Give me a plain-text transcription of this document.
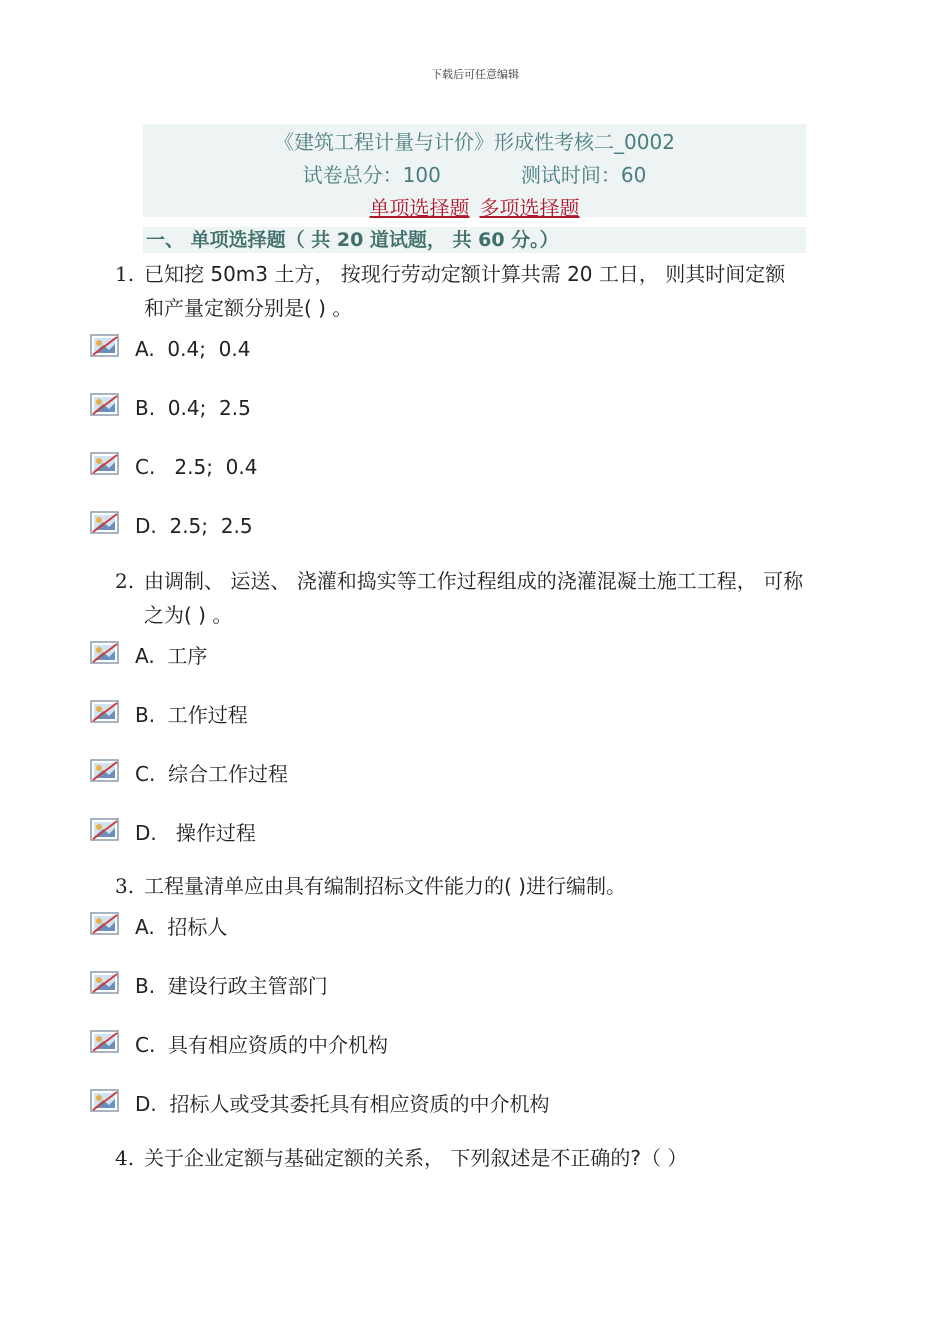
下载后可任意编辑
《建筑工程计量与计价》形成性考核二_0002
试卷总分：100	测试时间：60
单项选择题 多项选择题
一、 单项选择题（ 共 20 道试题， 共 60 分。）
1. 已知挖 50m3 土方， 按现行劳动定额计算共需 20 工日， 则其时间定额和产量定额分别是( ) 。

A.  0.4;  0.4

B.  0.4;  2.5

C.   2.5;  0.4

D.  2.5;  2.5

2. 由调制、 运送、 浇灌和捣实等工作过程组成的浇灌混凝土施工工程， 可称之为( ) 。

A.  工序

B.  工作过程

C.  综合工作过程

D.   操作过程

3. 工程量清单应由具有编制招标文件能力的( )进行编制。

A.  招标人

B.  建设行政主管部门

C.  具有相应资质的中介机构

D.  招标人或受其委托具有相应资质的中介机构

4. 关于企业定额与基础定额的关系， 下列叙述是不正确的?（ ）
